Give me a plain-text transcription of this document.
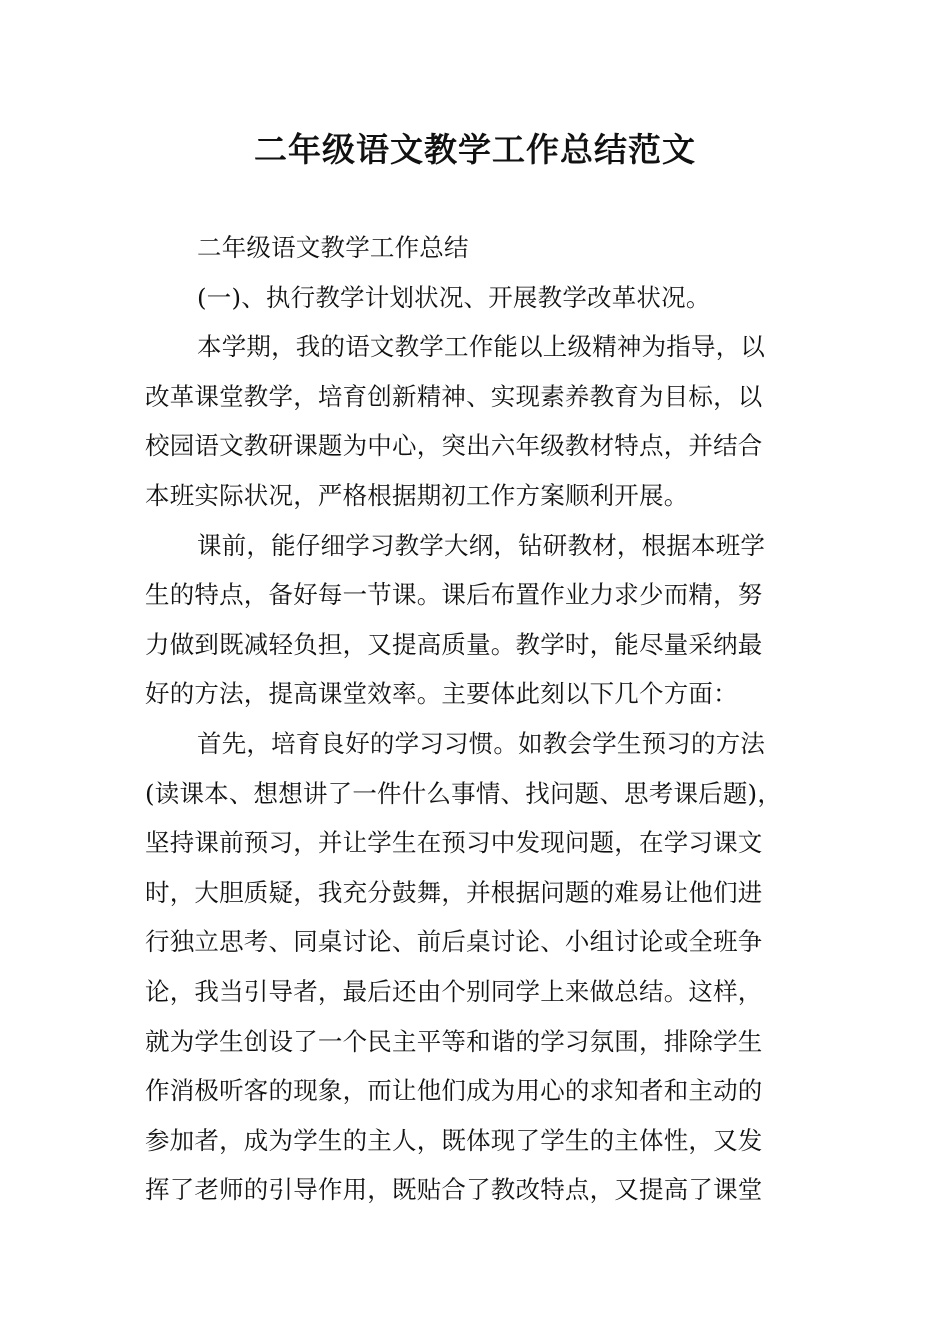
二年级语文教学工作总结范文
二年级语文教学工作总结
(一)、执行教学计划状况、开展教学改革状况。
本学期，我的语文教学工作能以上级精神为指导，以
改革课堂教学，培育创新精神、实现素养教育为目标，以
校园语文教研课题为中心，突出六年级教材特点，并结合
本班实际状况，严格根据期初工作方案顺利开展。
课前，能仔细学习教学大纲，钻研教材，根据本班学
生的特点，备好每一节课。课后布置作业力求少而精，努
力做到既减轻负担，又提高质量。教学时，能尽量采纳最
好的方法，提高课堂效率。主要体此刻以下几个方面：
首先，培育良好的学习习惯。如教会学生预习的方法
(读课本、想想讲了一件什么事情、找问题、思考课后题)，
坚持课前预习，并让学生在预习中发现问题，在学习课文
时，大胆质疑，我充分鼓舞，并根据问题的难易让他们进
行独立思考、同桌讨论、前后桌讨论、小组讨论或全班争
论，我当引导者，最后还由个别同学上来做总结。这样，
就为学生创设了一个民主平等和谐的学习氛围，排除学生
作消极听客的现象，而让他们成为用心的求知者和主动的
参加者，成为学生的主人，既体现了学生的主体性，又发
挥了老师的引导作用，既贴合了教改特点，又提高了课堂
